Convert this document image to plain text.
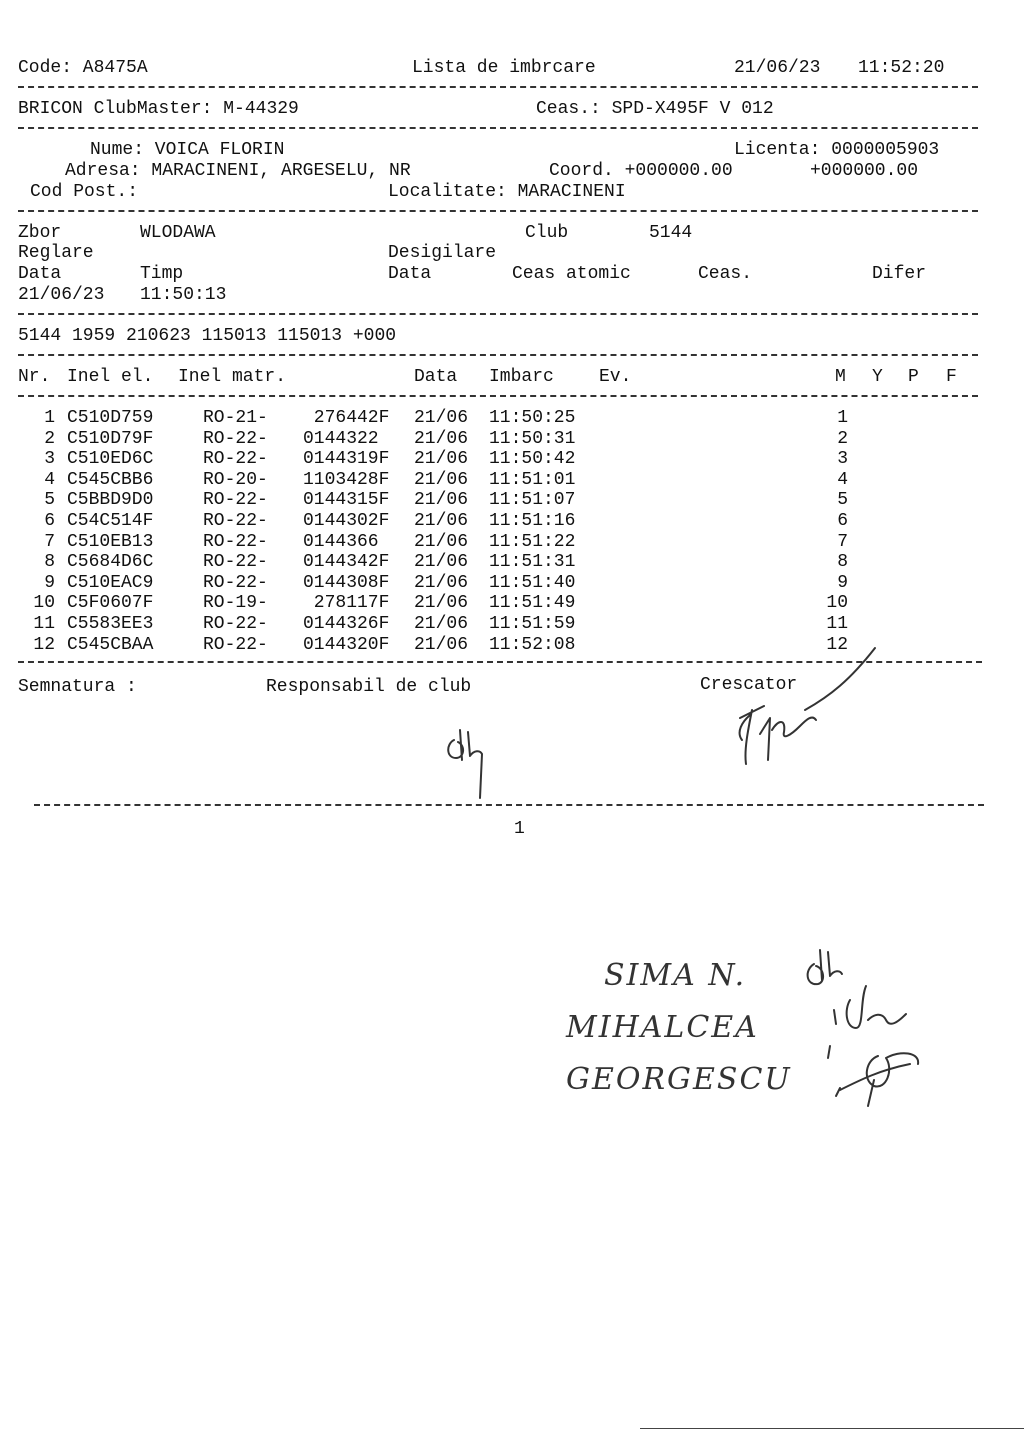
Code: A8475A	Lista de imbrcare	21/06/23 11:52:20
BRICON ClubMaster: M-44329	Ceas.: SPD-X495F V 012
Nume: VOICA FLORIN	Licenta: 0000005903
Adresa: MARACINENI, ARGESELU, NR	Coord. +000000.00	+000000.00
Cod Post.:	Localitate: MARACINENI
Zbor	WLODAWA	Club	5144
Reglare	Desigilare
Data	Timp	Data	Ceas atomic	Ceas.	Difer
21/06/23 11:50:13
5144 1959 210623 115013 115013 +000
Nr. Inel el. Inel matr.	Data Imbarc	Ev.	M Y P F
1 C510D759	RO-21-	276442F	21/06	11:50:25	1
2 C510D79F	RO-22-	0144322	21/06	11:50:31	2
3 C510ED6C	RO-22-	0144319F	21/06	11:50:42	3
4 C545CBB6	RO-20-	1103428F	21/06	11:51:01	4
5 C5BBD9D0	RO-22-	0144315F	21/06	11:51:07	5
6 C54C514F	RO-22-	0144302F	21/06	11:51:16	6
7 C510EB13	RO-22-	0144366	21/06	11:51:22	7
8 C5684D6C	RO-22-	0144342F	21/06	11:51:31	8
9 C510EAC9	RO-22-	0144308F	21/06	11:51:40	9
10 C5F0607F	RO-19-	278117F	21/06	11:51:49	10
11 C5583EE3	RO-22-	0144326F	21/06	11:51:59	11
12 C545CBAA	RO-22-	0144320F	21/06	11:52:08	12
Semnatura :	Responsabil de club	Crescator
1
SIMA N.
MIHALCEA
GEORGESCU
